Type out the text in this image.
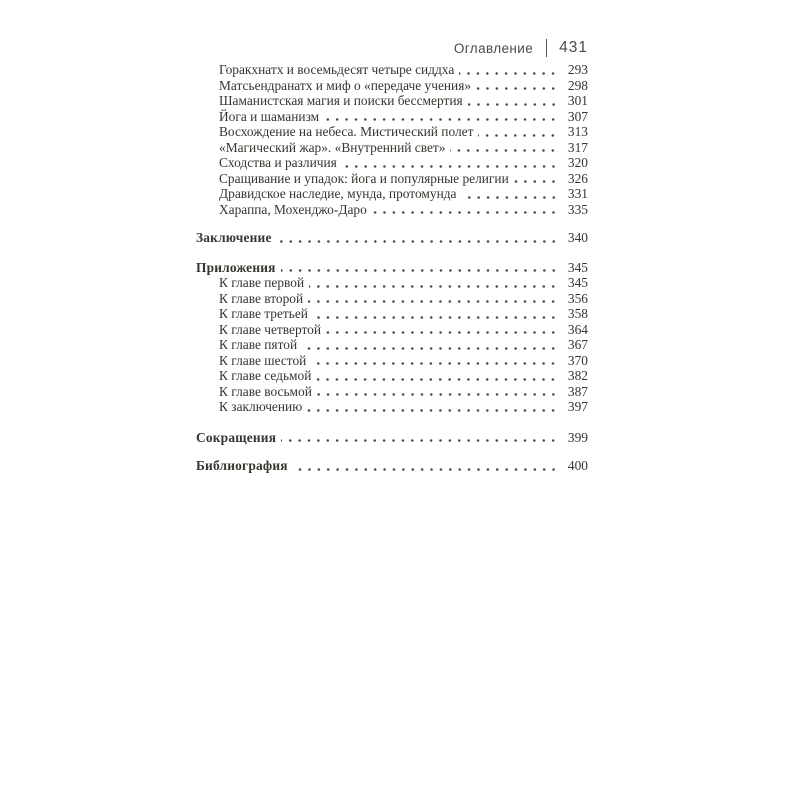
Оглавление 431
Горакхнатх и восемьдесят четыре сиддха	293
Матсьендранатх и миф о «передаче учения»	298
Шаманистская магия и поиски бессмертия	301
Йога и шаманизм	307
Восхождение на небеса. Мистический полет	313
«Магический жар». «Внутренний свет»	317
Сходства и различия	320
Сращивание и упадок: йога и популярные религии	326
Дравидское наследие, мунда, протомунда	331
Хараппа, Мохенджо-Даро	335
Заключение	340
Приложения	345
К главе первой	345
К главе второй	356
К главе третьей	358
К главе четвертой	364
К главе пятой	367
К главе шестой	370
К главе седьмой	382
К главе восьмой	387
К заключению	397
Сокращения	399
Библиография	400
